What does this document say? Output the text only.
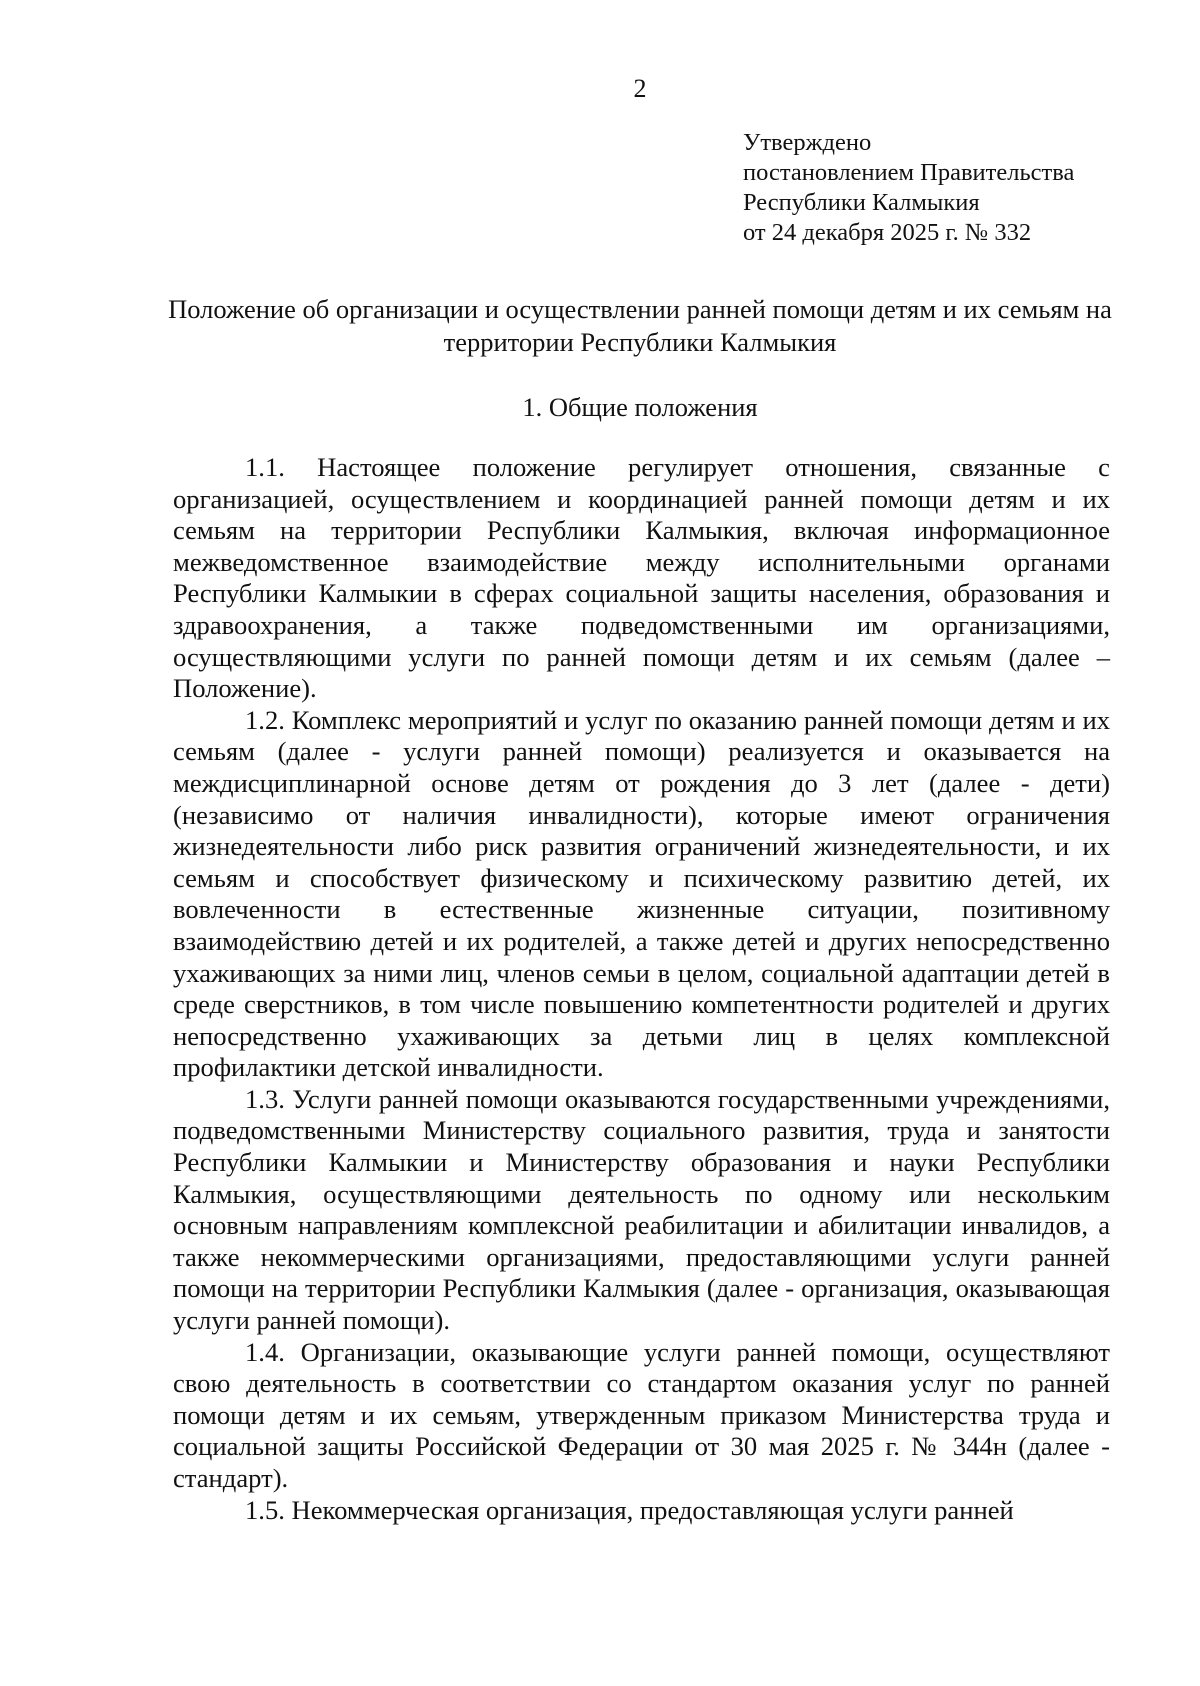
2
Утверждено
постановлением Правительства
Республики Калмыкия
от 24 декабря 2025 г. № 332
Положение об организации и осуществлении ранней помощи детям и их семьям на территории Республики Калмыкия
1. Общие положения

1.1. Настоящее положение регулирует отношения, связанные с организацией, осуществлением и координацией ранней помощи детям и их семьям на территории Республики Калмыкия, включая информационное межведомственное взаимодействие между исполнительными органами Республики Калмыкии в сферах социальной защиты населения, образования и здравоохранения, а также подведомственными им организациями, осуществляющими услуги по ранней помощи детям и их семьям (далее – Положение).

1.2. Комплекс мероприятий и услуг по оказанию ранней помощи детям и их семьям (далее - услуги ранней помощи) реализуется и оказывается на междисциплинарной основе детям от рождения до 3 лет (далее - дети) (независимо от наличия инвалидности), которые имеют ограничения жизнедеятельности либо риск развития ограничений жизнедеятельности, и их семьям и способствует физическому и психическому развитию детей, их вовлеченности в естественные жизненные ситуации, позитивному взаимодействию детей и их родителей, а также детей и других непосредственно ухаживающих за ними лиц, членов семьи в целом, социальной адаптации детей в среде сверстников, в том числе повышению компетентности родителей и других непосредственно ухаживающих за детьми лиц в целях комплексной профилактики детской инвалидности.

1.3. Услуги ранней помощи оказываются государственными учреждениями, подведомственными Министерству социального развития, труда и занятости Республики Калмыкии и Министерству образования и науки Республики Калмыкия, осуществляющими деятельность по одному или нескольким основным направлениям комплексной реабилитации и абилитации инвалидов, а также некоммерческими организациями, предоставляющими услуги ранней помощи на территории Республики Калмыкия (далее - организация, оказывающая услуги ранней помощи).

1.4. Организации, оказывающие услуги ранней помощи, осуществляют свою деятельность в соответствии со стандартом оказания услуг по ранней помощи детям и их семьям, утвержденным приказом Министерства труда и социальной защиты Российской Федерации от 30 мая 2025 г. № 344н (далее - стандарт).

1.5. Некоммерческая организация, предоставляющая услуги ранней
